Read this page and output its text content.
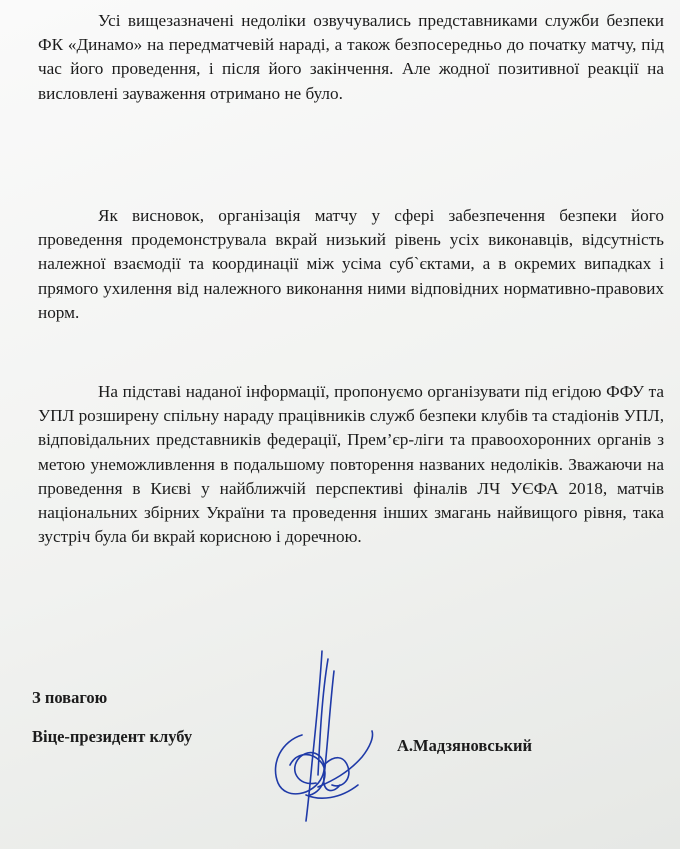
Усі вищезазначені недоліки озвучувались представниками служби безпеки ФК «Динамо» на передматчевій нараді, а також безпосередньо до початку матчу, під час його проведення, і після його закінчення. Але жодної позитивної реакції на висловлені зауваження отримано не було.

Як висновок, організація матчу у сфері забезпечення безпеки його проведення продемонструвала вкрай низький рівень усіх виконавців, відсутність належної взаємодії та координації між усіма суб`єктами, а в окремих випадках і прямого ухилення від належного виконання ними відповідних нормативно-правових норм.

На підставі наданої інформації, пропонуємо організувати під егідою ФФУ та УПЛ розширену спільну нараду працівників служб безпеки клубів та стадіонів УПЛ, відповідальних представників федерації, Прем’єр-ліги та правоохоронних органів з метою унеможливлення в подальшому повторення названих недоліків. Зважаючи на проведення в Києві у найближчій перспективі фіналів ЛЧ УЄФА 2018, матчів національних збірних України та проведення інших змагань найвищого рівня, така зустріч була би вкрай корисною і доречною.

З повагою

Віце-президент клубу	А.Мадзяновський
